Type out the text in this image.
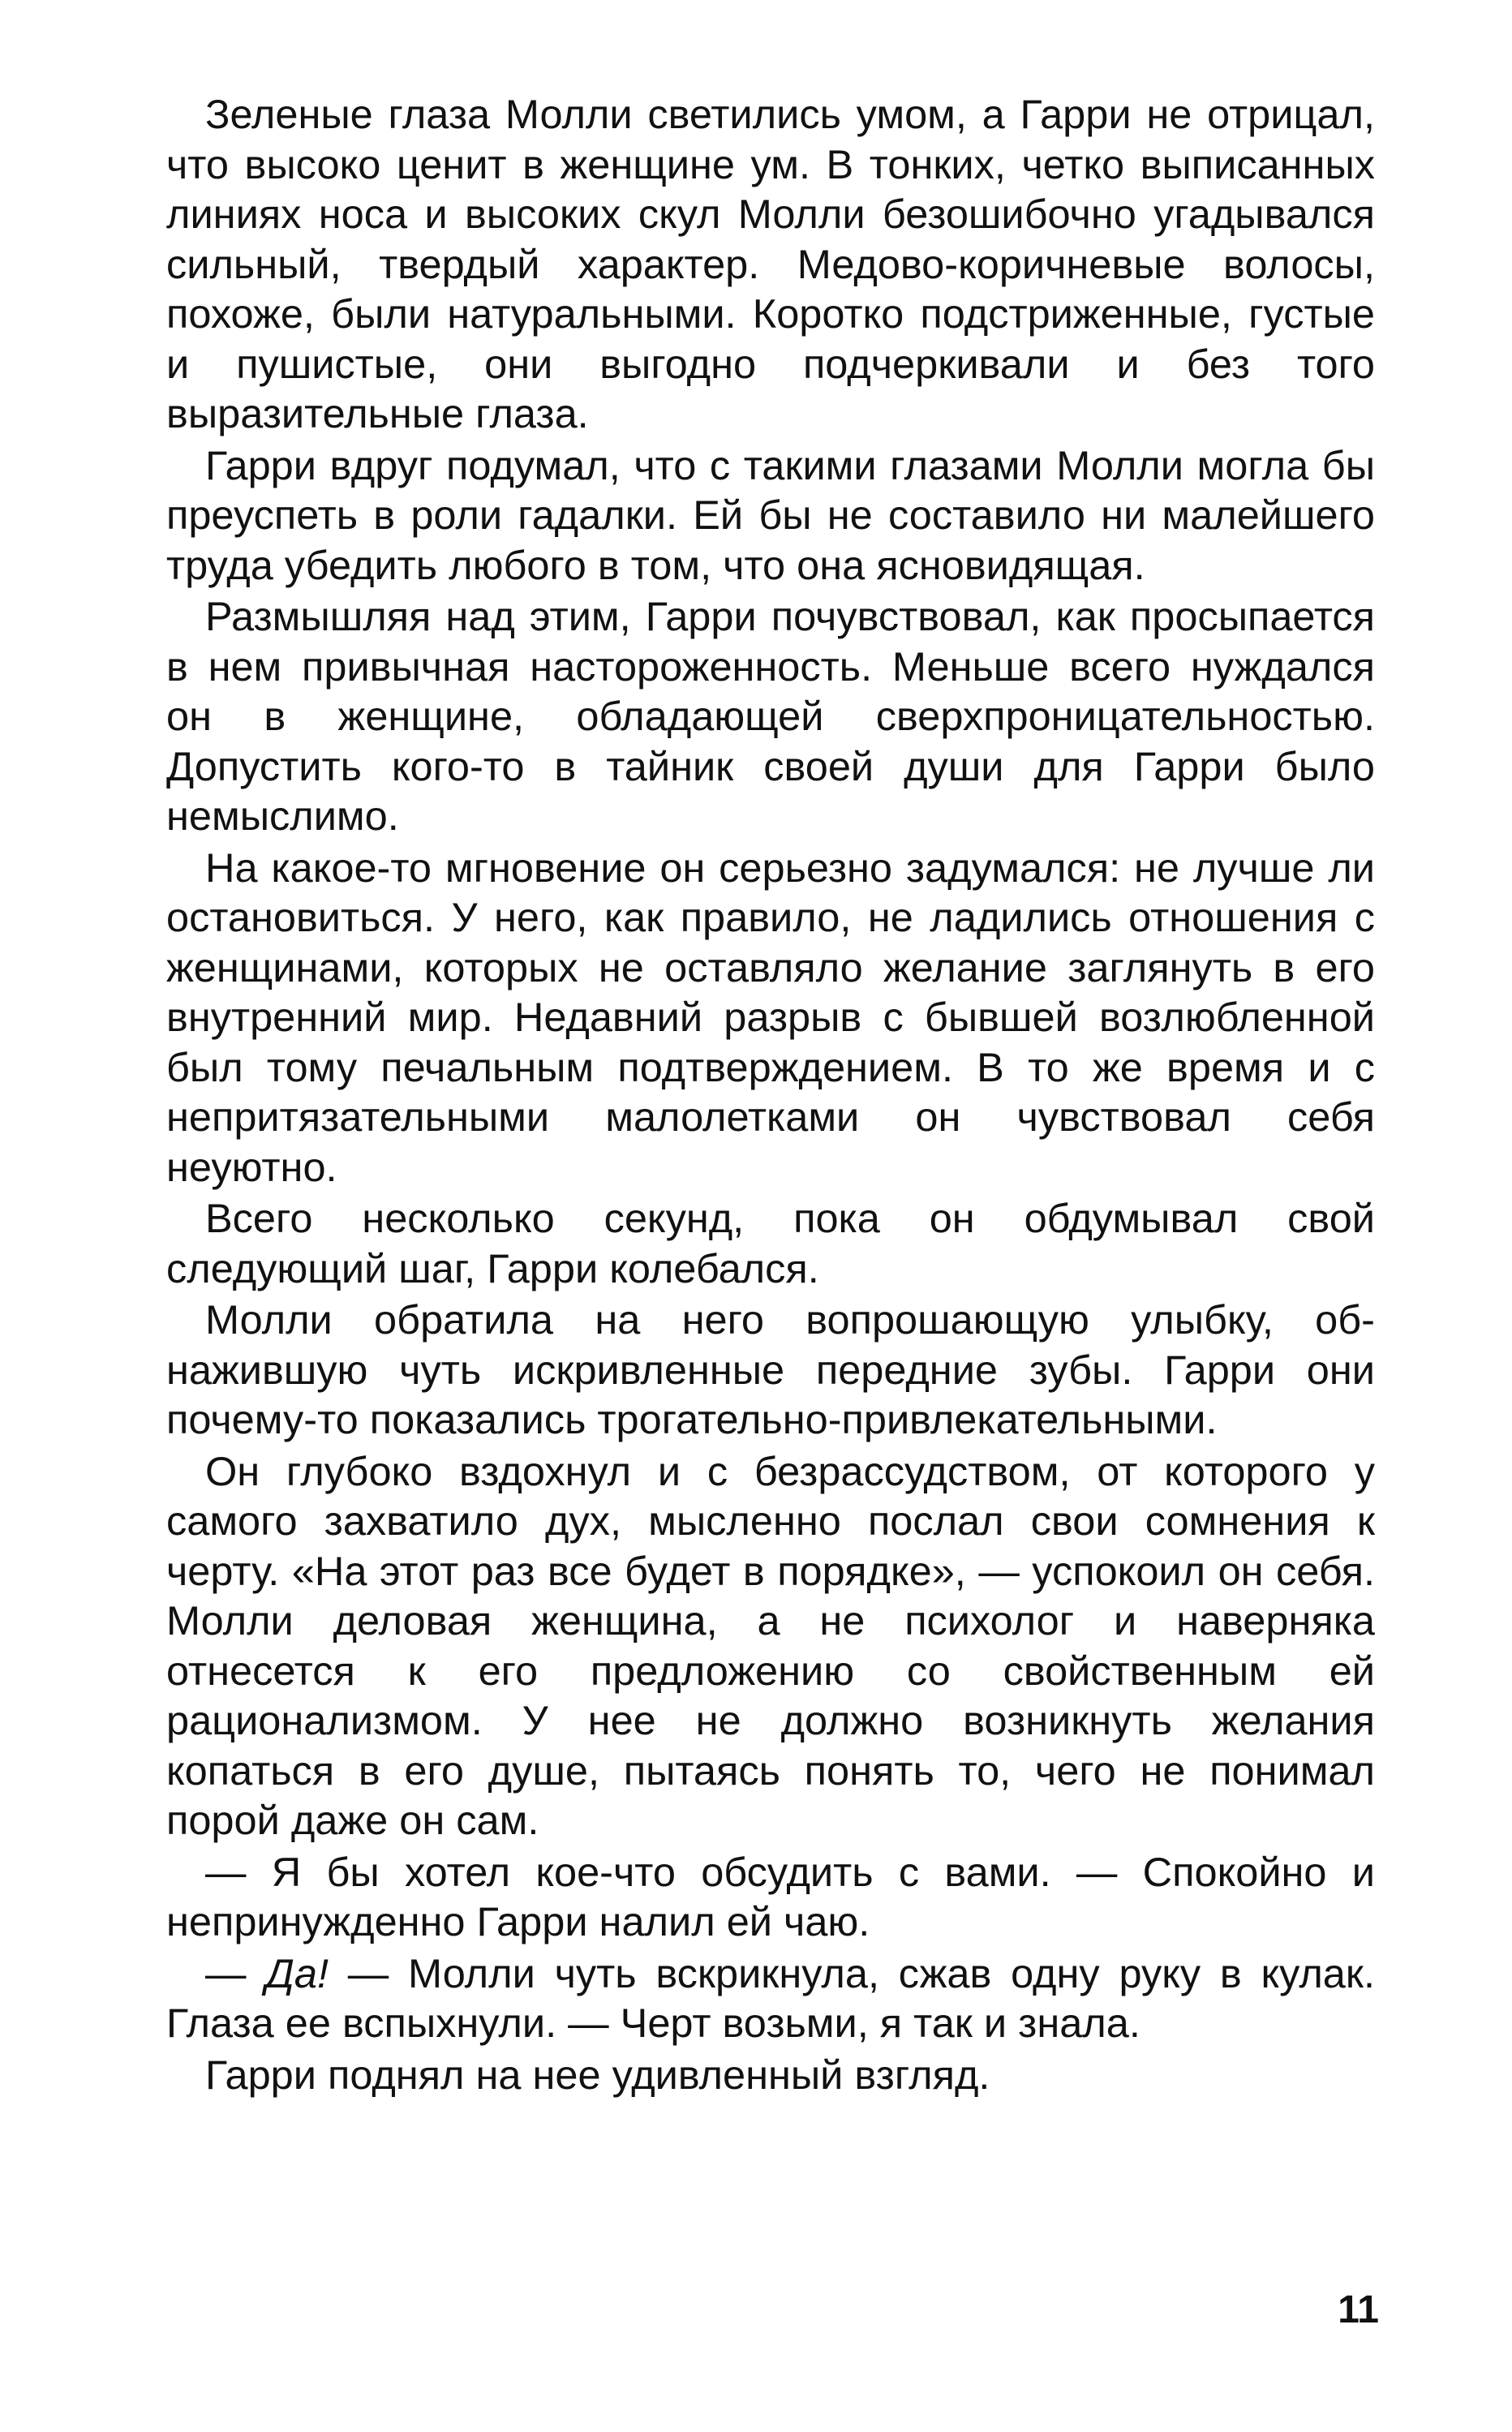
Зеленые глаза Молли светились умом, а Гарри не отрицал, что высоко ценит в женщине ум. В тонких, четко выписанных линиях носа и высоких скул Молли безошибочно угадывался сильный, твердый характер. Медово-коричневые волосы, похоже, были натуральными. Коротко подстриженные, густые и пушистые, они выгодно подчеркивали и без того выразительные глаза.

Гарри вдруг подумал, что с такими глазами Молли могла бы преуспеть в роли гадалки. Ей бы не составило ни малейшего труда убедить любого в том, что она ясновидящая.

Размышляя над этим, Гарри почувствовал, как просыпается в нем привычная настороженность. Меньше всего нуждался он в женщине, обладающей сверхпроницательностью. Допустить кого-то в тайник своей души для Гарри было немыслимо.

На какое-то мгновение он серьезно задумался: не лучше ли остановиться. У него, как правило, не ладились отношения с женщинами, которых не оставляло желание заглянуть в его внутренний мир. Недавний разрыв с бывшей возлюбленной был тому печальным подтверждением. В то же время и с непритязательными малолетками он чувствовал себя неуютно.

Всего несколько секунд, пока он обдумывал свой следующий шаг, Гарри колебался.

Молли обратила на него вопрошающую улыбку, обнажившую чуть искривленные передние зубы. Гарри они почему-то показались трогательно-привлекательными.

Он глубоко вздохнул и с безрассудством, от которого у самого захватило дух, мысленно послал свои сомнения к черту. «На этот раз все будет в порядке», — успокоил он себя. Молли деловая женщина, а не психолог и наверняка отнесется к его предложению со свойственным ей рационализмом. У нее не должно возникнуть желания копаться в его душе, пытаясь понять то, чего не понимал порой даже он сам.

— Я бы хотел кое-что обсудить с вами. — Спокойно и непринужденно Гарри налил ей чаю.

— Да! — Молли чуть вскрикнула, сжав одну руку в кулак. Глаза ее вспыхнули. — Черт возьми, я так и знала.

Гарри поднял на нее удивленный взгляд.

11
